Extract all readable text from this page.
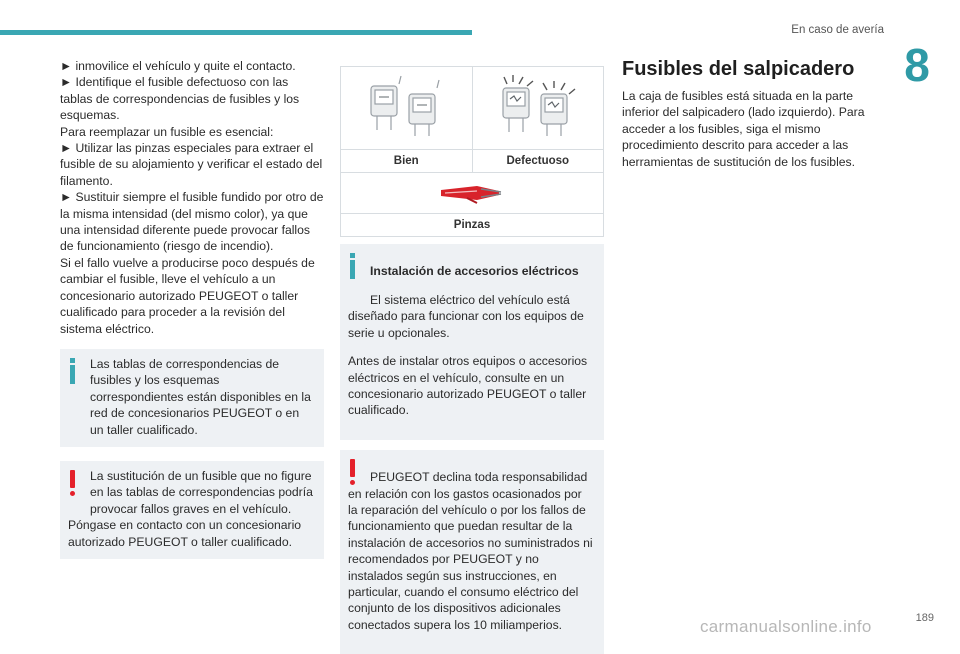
En caso de avería
8

► inmovilice el vehículo y quite el contacto.

► Identifique el fusible defectuoso con las tablas de correspondencias de fusibles y los esquemas.

Para reemplazar un fusible es esencial:

► Utilizar las pinzas especiales para extraer el fusible de su alojamiento y verificar el estado del filamento.

► Sustituir siempre el fusible fundido por otro de la misma intensidad (del mismo color), ya que una intensidad diferente puede provocar fallos de funcionamiento (riesgo de incendio).

Si el fallo vuelve a producirse poco después de cambiar el fusible, lleve el vehículo a un concesionario autorizado PEUGEOT o taller cualificado para proceder a la revisión del sistema eléctrico.

Las tablas de correspondencias de fusibles y los esquemas correspondientes están disponibles en la red de concesionarios PEUGEOT o en un taller cualificado.

La sustitución de un fusible que no figure en las tablas de correspondencias podría provocar fallos graves en el vehículo.

Póngase en contacto con un concesionario autorizado PEUGEOT o taller cualificado.

Bien	Defectuoso
Pinzas

Instalación de accesorios eléctricos

El sistema eléctrico del vehículo está diseñado para funcionar con los equipos de serie u opcionales.

Antes de instalar otros equipos o accesorios eléctricos en el vehículo, consulte en un concesionario autorizado PEUGEOT o taller cualificado.

PEUGEOT declina toda responsabilidad en relación con los gastos ocasionados por la reparación del vehículo o por los fallos de funcionamiento que puedan resultar de la instalación de accesorios no suministrados ni recomendados por PEUGEOT y no instalados según sus instrucciones, en particular, cuando el consumo eléctrico del conjunto de los dispositivos adicionales conectados supera los 10 miliamperios.

Fusibles del salpicadero

La caja de fusibles está situada en la parte inferior del salpicadero (lado izquierdo). Para acceder a los fusibles, siga el mismo procedimiento descrito para acceder a las herramientas de sustitución de los fusibles.

189
carmanualsonline.info
